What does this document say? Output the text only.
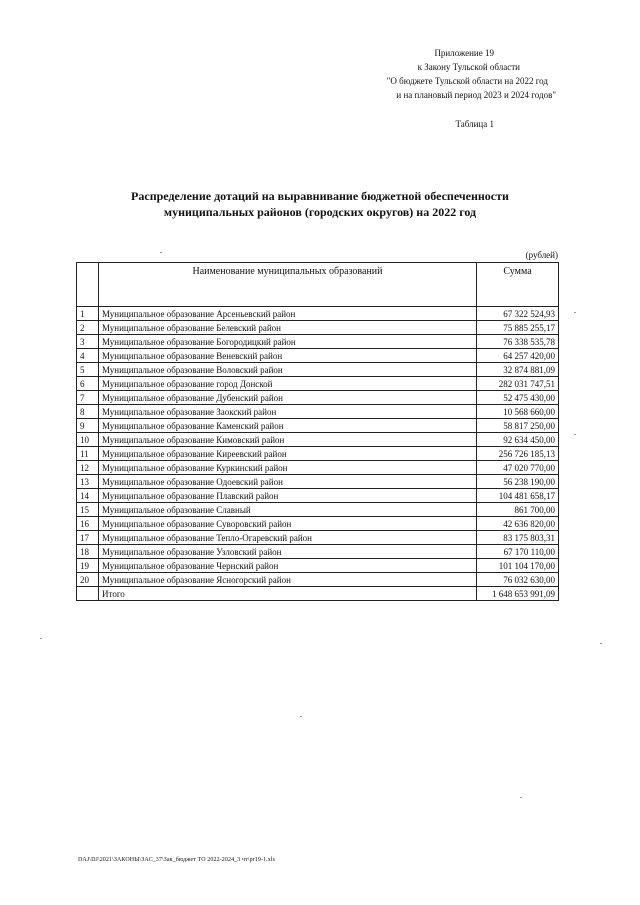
Приложение 19
к Закону Тульской области
"О бюджете Тульской области на 2022 год
и на плановый период 2023 и 2024 годов"
Таблица 1
Распределение дотаций на выравнивание бюджетной обеспеченности
муниципальных районов (городских округов) на 2022 год
(рублей)
	Наименование муниципальных образований	Сумма
1	Муниципальное образование Арсеньевский район	67 322 524,93
2	Муниципальное образование Белевский район	75 885 255,17
3	Муниципальное образование Богородицкий район	76 338 535,78
4	Муниципальное образование Веневский район	64 257 420,00
5	Муниципальное образование Воловский район	32 874 881,09
6	Муниципальное образование город Донской	282 031 747,51
7	Муниципальное образование Дубенский район	52 475 430,00
8	Муниципальное образование Заокский район	10 568 660,00
9	Муниципальное образование Каменский район	58 817 250,00
10	Муниципальное образование Кимовский район	92 634 450,00
11	Муниципальное образование Киреевский район	256 726 185,13
12	Муниципальное образование Куркинский район	47 020 770,00
13	Муниципальное образование Одоевский район	56 238 190,00
14	Муниципальное образование Плавский район	104 481 658,17
15	Муниципальное образование Славный	861 700,00
16	Муниципальное образование Суворовский район	42 636 820,00
17	Муниципальное образование Тепло-Огаревский район	83 175 803,31
18	Муниципальное образование Узловский район	67 170 110,00
19	Муниципальное образование Чернский район	101 104 170,00
20	Муниципальное образование Ясногорский район	76 032 630,00
	Итого	1 648 653 991,09
DAJ\DJ\2021\ЗАКОНЫ\ЗАС_37\Зак_бюджет ТО 2022-2024_3 чт\pr19-1.xls
